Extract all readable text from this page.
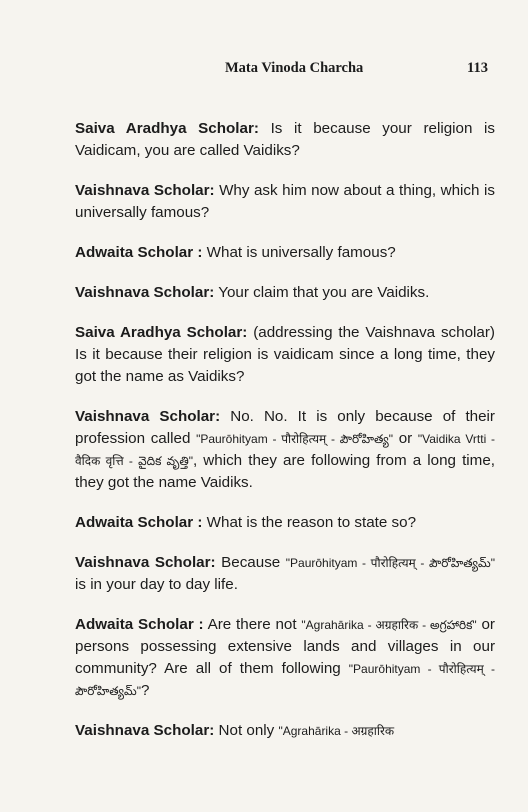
Mata Vinoda Charcha	113

Saiva Aradhya Scholar: Is it because your religion is Vaidicam, you are called Vaidiks?

Vaishnava Scholar: Why ask him now about a thing, which is universally famous?

Adwaita Scholar : What is universally famous?

Vaishnava Scholar: Your claim that you are Vaidiks.

Saiva Aradhya Scholar: (addressing the Vaishnava scholar) Is it because their religion is vaidicam since a long time, they got the name as Vaidiks?

Vaishnava Scholar: No. No. It is only because of their profession called "Paurōhityam - पौरोहित्यम् - పౌరోహిత్య" or "Vaidika Vrtti - वैदिक वृत्ति - వైదిక వృత్తి", which they are following from a long time, they got the name Vaidiks.

Adwaita Scholar : What is the reason to state so?

Vaishnava Scholar: Because "Paurōhityam - पौरोहित्यम् - పౌరోహిత్యమ్" is in your day to day life.

Adwaita Scholar : Are there not "Agrahārika - अग्रहारिक - అగ్రహారిక" or persons possessing extensive lands and villages in our community? Are all of them following "Paurōhityam - पौरोहित्यम् - పౌరోహిత్యమ్"?

Vaishnava Scholar: Not only "Agrahārika - अग्रहारिक
